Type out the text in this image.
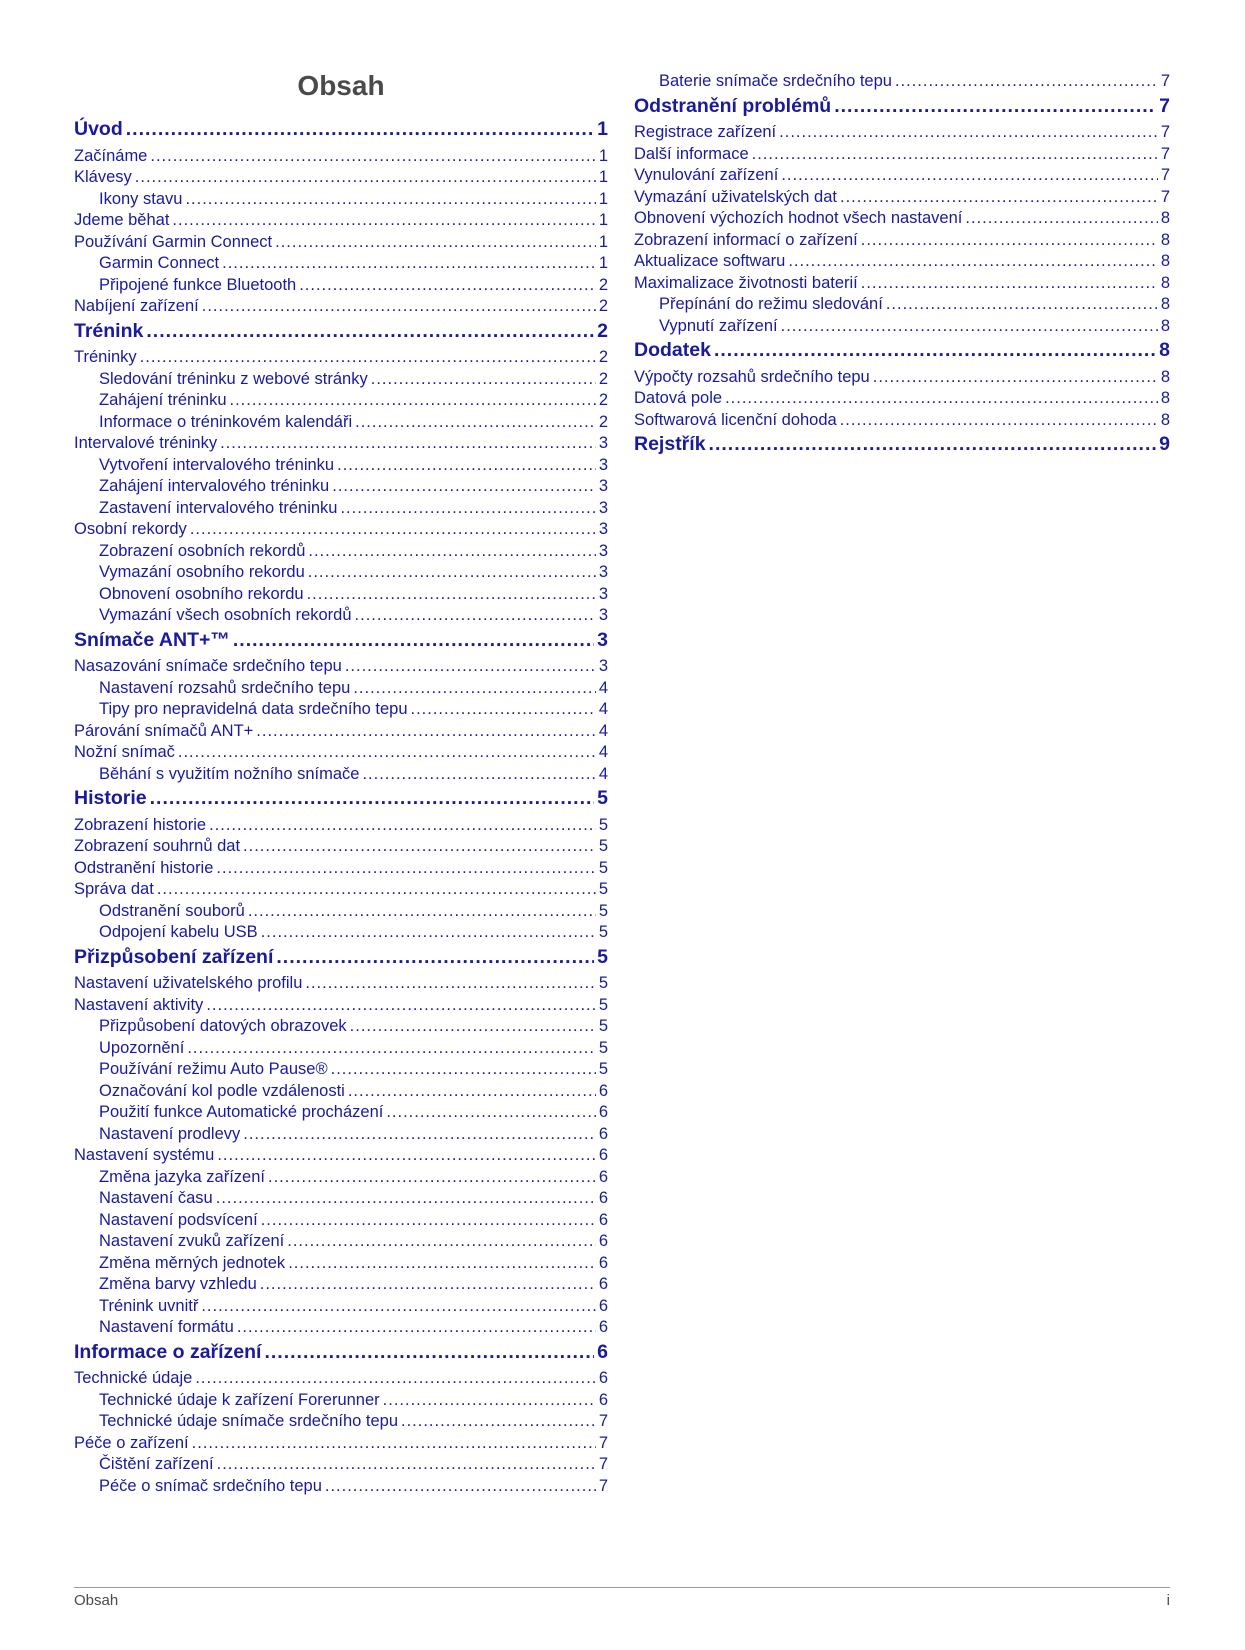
Obsah
Úvod .....	1
Začínáme .....	1
Klávesy .....	1
Ikony stavu .....	1
Jdeme běhat .....	1
Používání Garmin Connect .....	1
Garmin Connect .....	1
Připojené funkce Bluetooth .....	2
Nabíjení zařízení .....	2
Trénink .....	2
Tréninky .....	2
Sledování tréninku z webové stránky .....	2
Zahájení tréninku .....	2
Informace o tréninkovém kalendáři .....	2
Intervalové tréninky .....	3
Vytvoření intervalového tréninku .....	3
Zahájení intervalového tréninku .....	3
Zastavení intervalového tréninku .....	3
Osobní rekordy .....	3
Zobrazení osobních rekordů .....	3
Vymazání osobního rekordu .....	3
Obnovení osobního rekordu .....	3
Vymazání všech osobních rekordů .....	3
Snímače ANT+™ .....	3
Nasazování snímače srdečního tepu .....	3
Nastavení rozsahů srdečního tepu .....	4
Tipy pro nepravidelná data srdečního tepu .....	4
Párování snímačů ANT+ .....	4
Nožní snímač .....	4
Běhání s využitím nožního snímače .....	4
Historie .....	5
Zobrazení historie .....	5
Zobrazení souhrnů dat .....	5
Odstranění historie .....	5
Správa dat .....	5
Odstranění souborů .....	5
Odpojení kabelu USB .....	5
Přizpůsobení zařízení .....	5
Nastavení uživatelského profilu .....	5
Nastavení aktivity .....	5
Přizpůsobení datových obrazovek .....	5
Upozornění .....	5
Používání režimu Auto Pause® .....	5
Označování kol podle vzdálenosti .....	6
Použití funkce Automatické procházení .....	6
Nastavení prodlevy .....	6
Nastavení systému .....	6
Změna jazyka zařízení .....	6
Nastavení času .....	6
Nastavení podsvícení .....	6
Nastavení zvuků zařízení .....	6
Změna měrných jednotek .....	6
Změna barvy vzhledu .....	6
Trénink uvnitř .....	6
Nastavení formátu .....	6
Informace o zařízení .....	6
Technické údaje .....	6
Technické údaje k zařízení Forerunner .....	6
Technické údaje snímače srdečního tepu .....	7
Péče o zařízení .....	7
Čištění zařízení .....	7
Péče o snímač srdečního tepu .....	7
Baterie snímače srdečního tepu .....	7
Odstranění problémů .....	7
Registrace zařízení .....	7
Další informace .....	7
Vynulování zařízení .....	7
Vymazání uživatelských dat .....	7
Obnovení výchozích hodnot všech nastavení .....	8
Zobrazení informací o zařízení .....	8
Aktualizace softwaru .....	8
Maximalizace životnosti baterií .....	8
Přepínání do režimu sledování .....	8
Vypnutí zařízení .....	8
Dodatek .....	8
Výpočty rozsahů srdečního tepu .....	8
Datová pole .....	8
Softwarová licenční dohoda .....	8
Rejstřík .....	9
Obsah	i
